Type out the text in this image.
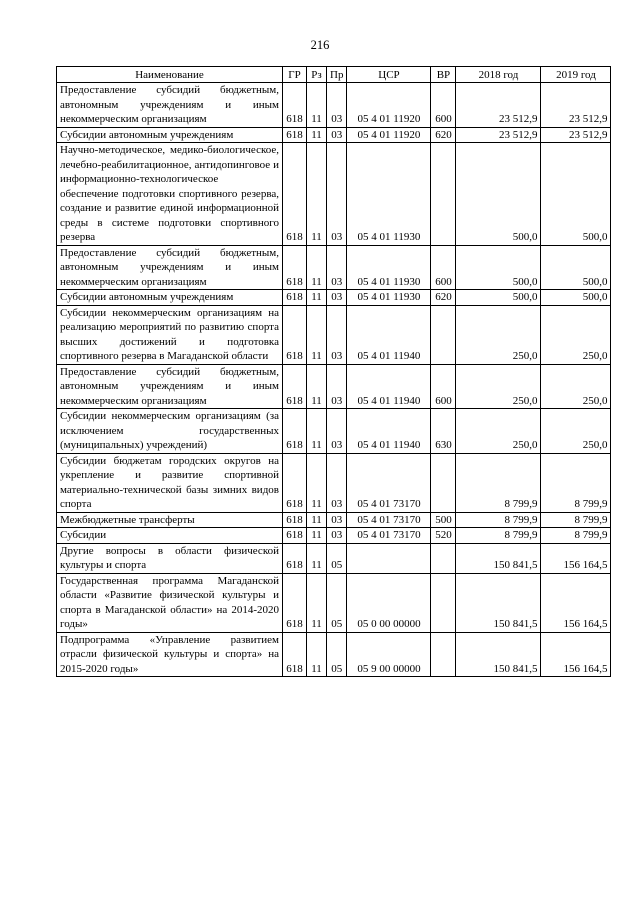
216
Наименование	ГР	Рз	Пр	ЦСР	ВР	2018 год	2019 год
Предоставление субсидий бюджетным, автономным учреждениям и иным некоммерческим организациям	618	11	03	05 4 01 11920	600	23 512,9	23 512,9
Субсидии автономным учреждениям	618	11	03	05 4 01 11920	620	23 512,9	23 512,9
Научно-методическое, медико-биологическое, лечебно-реабилитационное, антидопинговое и информационно-технологическое обеспечение подготовки спортивного резерва, создание и развитие единой информационной среды в системе подготовки спортивного резерва	618	11	03	05 4 01 11930		500,0	500,0
Предоставление субсидий бюджетным, автономным учреждениям и иным некоммерческим организациям	618	11	03	05 4 01 11930	600	500,0	500,0
Субсидии автономным учреждениям	618	11	03	05 4 01 11930	620	500,0	500,0
Субсидии некоммерческим организациям на реализацию мероприятий по развитию спорта высших достижений и подготовка спортивного резерва в Магаданской области	618	11	03	05 4 01 11940		250,0	250,0
Предоставление субсидий бюджетным, автономным учреждениям и иным некоммерческим организациям	618	11	03	05 4 01 11940	600	250,0	250,0
Субсидии некоммерческим организациям (за исключением государственных (муниципальных) учреждений)	618	11	03	05 4 01 11940	630	250,0	250,0
Субсидии бюджетам городских округов на укрепление и развитие спортивной материально-технической базы зимних видов спорта	618	11	03	05 4 01 73170		8 799,9	8 799,9
Межбюджетные трансферты	618	11	03	05 4 01 73170	500	8 799,9	8 799,9
Субсидии	618	11	03	05 4 01 73170	520	8 799,9	8 799,9
Другие вопросы в области физической культуры и спорта	618	11	05			150 841,5	156 164,5
Государственная программа Магаданской области «Развитие физической культуры и спорта в Магаданской области» на 2014-2020 годы»	618	11	05	05 0 00 00000		150 841,5	156 164,5
Подпрограмма «Управление развитием отрасли физической культуры и спорта» на 2015-2020 годы»	618	11	05	05 9 00 00000		150 841,5	156 164,5
